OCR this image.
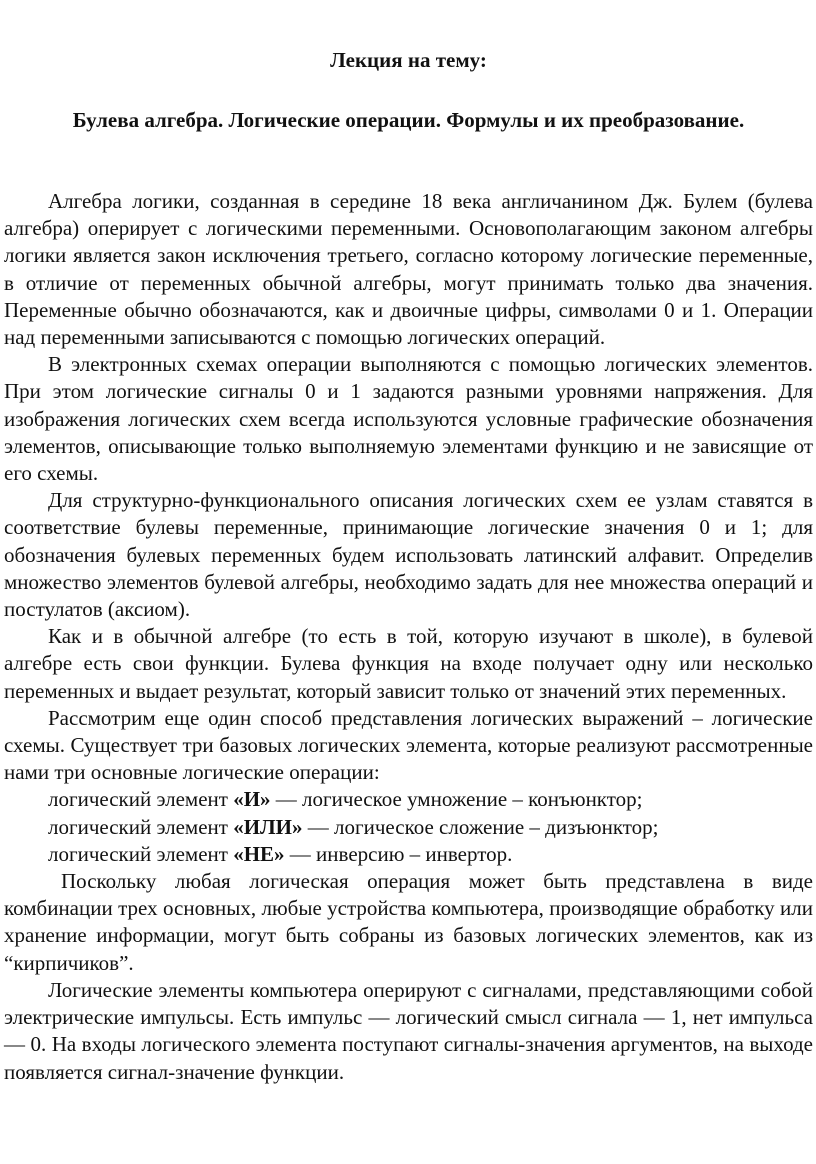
Лекция на тему:

Булева алгебра. Логические операции. Формулы и их преобразование.

Алгебра логики, созданная в середине 18 века англичанином Дж. Булем (булева алгебра) оперирует с логическими переменными. Основополагающим законом алгебры логики является закон исключения третьего, согласно которому логические переменные, в отличие от переменных обычной алгебры, могут принимать только два значения. Переменные обычно обозначаются, как и двоичные цифры, символами 0 и 1. Операции над переменными записываются с помощью логических операций.

В электронных схемах операции выполняются с помощью логических элементов. При этом логические сигналы 0 и 1 задаются разными уровнями напряжения. Для изображения логических схем всегда используются условные графические обозначения элементов, описывающие только выполняемую элементами функцию и не зависящие от его схемы.

Для структурно-функционального описания логических схем ее узлам ставятся в соответствие булевы переменные, принимающие логические значения 0 и 1; для обозначения булевых переменных будем использовать латинский алфавит. Определив множество элементов булевой алгебры, необходимо задать для нее множества операций и постулатов (аксиом).

Как и в обычной алгебре (то есть в той, которую изучают в школе), в булевой алгебре есть свои функции. Булева функция на входе получает одну или несколько переменных и выдает результат, который зависит только от значений этих переменных.

Рассмотрим еще один способ представления логических выражений – логические схемы. Существует три базовых логических элемента, которые реализуют рассмотренные нами три основные логические операции:

логический элемент «И» — логическое умножение – конъюнктор;

логический элемент «ИЛИ» — логическое сложение – дизъюнктор;

логический элемент «НЕ» — инверсию – инвертор.

Поскольку любая логическая операция может быть представлена в виде комбинации трех основных, любые устройства компьютера, производящие обработку или хранение информации, могут быть собраны из базовых логических элементов, как из “кирпичиков”.

Логические элементы компьютера оперируют с сигналами, представляющими собой электрические импульсы. Есть импульс — логический смысл сигнала — 1, нет импульса — 0. На входы логического элемента поступают сигналы-значения аргументов, на выходе появляется сигнал-значение функции.
